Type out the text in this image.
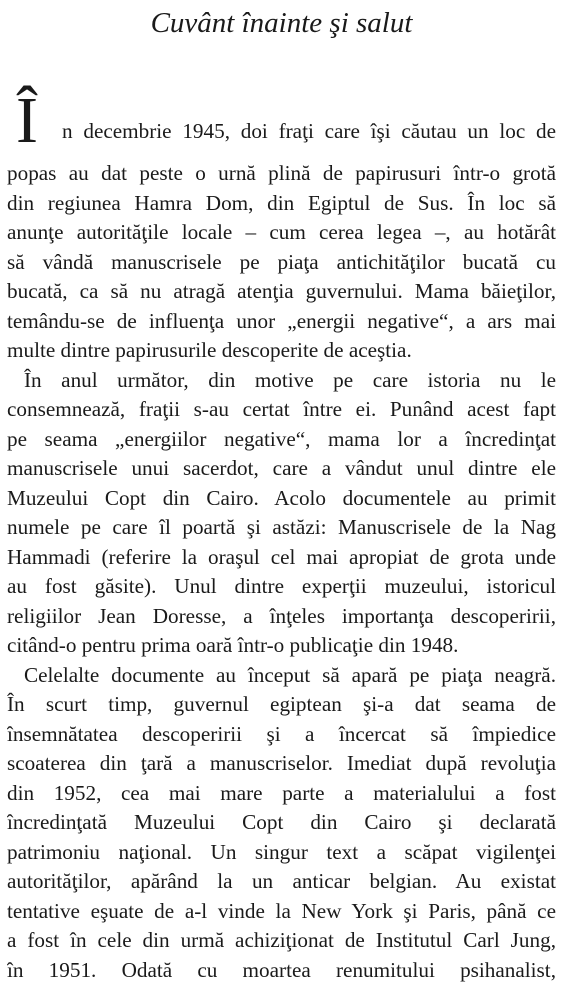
Cuvânt înainte şi salut
Î n decembrie 1945, doi fraţi care îşi căutau un loc de
popas au dat peste o urnă plină de papirusuri într-o grotă
din regiunea Hamra Dom, din Egiptul de Sus. În loc să
anunţe autorităţile locale – cum cerea legea –, au hotărât
să vândă manuscrisele pe piaţa antichităţilor bucată cu
bucată, ca să nu atragă atenţia guvernului. Mama băieţilor,
temându-se de influenţa unor „energii negative“, a ars mai
multe dintre papirusurile descoperite de aceştia.
În anul următor, din motive pe care istoria nu le
consemnează, fraţii s-au certat între ei. Punând acest fapt
pe seama „energiilor negative“, mama lor a încredinţat
manuscrisele unui sacerdot, care a vândut unul dintre ele
Muzeului Copt din Cairo. Acolo documentele au primit
numele pe care îl poartă şi astăzi: Manuscrisele de la Nag
Hammadi (referire la oraşul cel mai apropiat de grota unde
au fost găsite). Unul dintre experţii muzeului, istoricul
religiilor Jean Doresse, a înţeles importanţa descoperirii,
citând-o pentru prima oară într-o publicaţie din 1948.
Celelalte documente au început să apară pe piaţa neagră.
În scurt timp, guvernul egiptean şi-a dat seama de
însemnătatea descoperirii şi a încercat să împiedice
scoaterea din ţară a manuscriselor. Imediat după revoluţia
din 1952, cea mai mare parte a materialului a fost
încredinţată Muzeului Copt din Cairo şi declarată
patrimoniu naţional. Un singur text a scăpat vigilenţei
autorităţilor, apărând la un anticar belgian. Au existat
tentative eşuate de a-l vinde la New York şi Paris, până ce
a fost în cele din urmă achiziţionat de Institutul Carl Jung,
în 1951. Odată cu moartea renumitului psihanalist,
